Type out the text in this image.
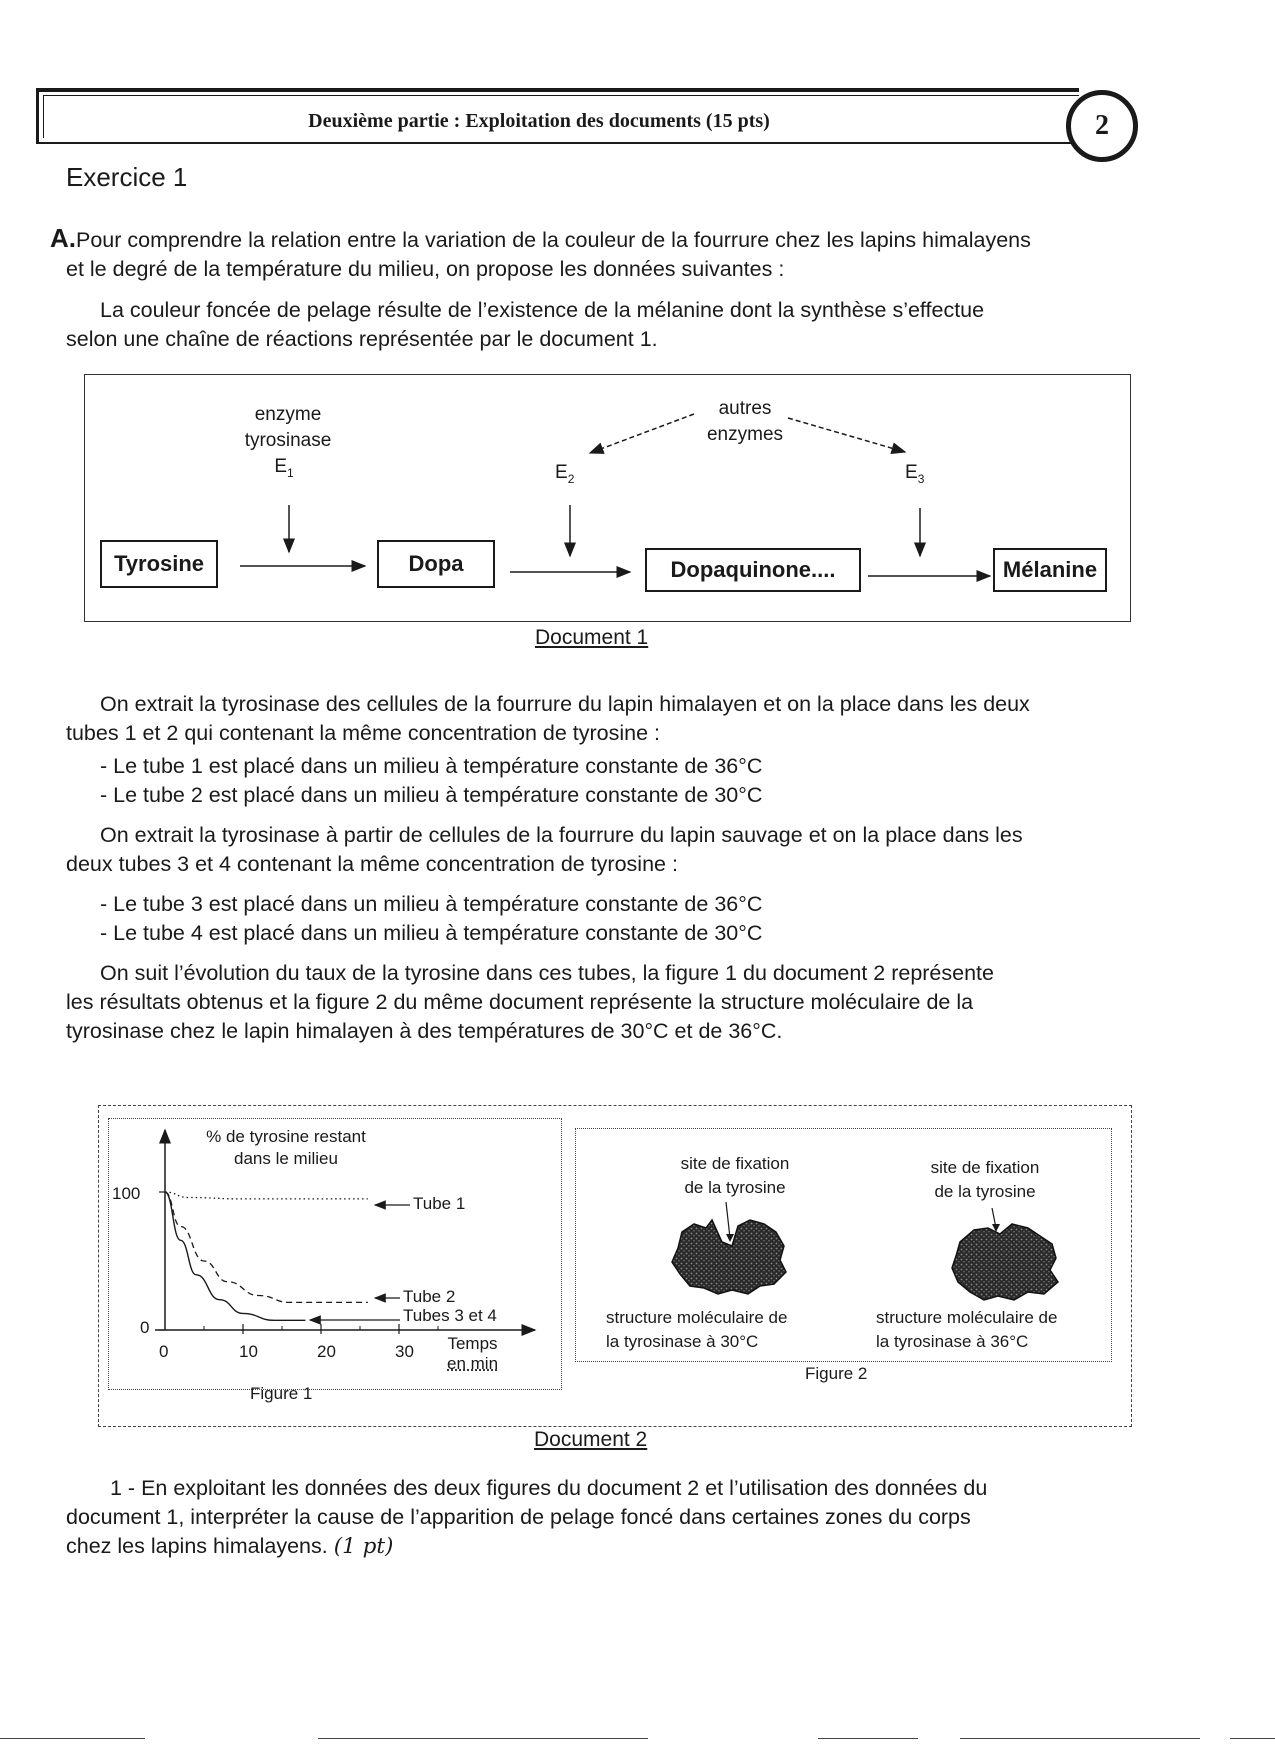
Deuxième partie : Exploitation des documents (15 pts)	2
Exercice 1

A.Pour comprendre la relation entre la variation de la couleur de la fourrure chez les lapins himalayens

et le degré de la température du milieu, on propose les données suivantes :

La couleur foncée de pelage résulte de l’existence de la mélanine dont la synthèse s’effectue

selon une chaîne de réactions représentée par le document 1.

Tyrosine	Dopa	Dopaquinone....	Mélanine
enzyme
tyrosinase
$E_1$	$E_2$	$E_3$
autres
enzymes
Document 1

On extrait la tyrosinase des cellules de la fourrure du lapin himalayen et on la place dans les deux

tubes 1 et 2 qui contenant la même concentration de tyrosine :

- Le tube 1 est placé dans un milieu à température constante de 36°C

- Le tube 2 est placé dans un milieu à température constante de 30°C

On extrait la tyrosinase à partir de cellules de la fourrure du lapin sauvage et on la place dans les

deux tubes 3 et 4 contenant la même concentration de tyrosine :

- Le tube 3 est placé dans un milieu à température constante de 36°C

- Le tube 4 est placé dans un milieu à température constante de 30°C

On suit l’évolution du taux de la tyrosine dans ces tubes, la figure 1 du document 2 représente

les résultats obtenus et la figure 2 du même document représente la structure moléculaire de la

tyrosinase chez le lapin himalayen à des températures de 30°C et de 36°C.

% de tyrosine restant
dans le milieu
100
0
0	10	20	30 Temps
en min
Tube 1
Tube 2
Tubes 3 et 4
Figure 1
site de fixation
de la tyrosine
site de fixation
de la tyrosine
structure moléculaire de
la tyrosinase à 30°C
structure moléculaire de
la tyrosinase à 36°C
Figure 2
Document 2

1 - En exploitant les données des deux figures du document 2 et l’utilisation des données du

document 1, interpréter la cause de l’apparition de pelage foncé dans certaines zones du corps

chez les lapins himalayens. (1 pt)
